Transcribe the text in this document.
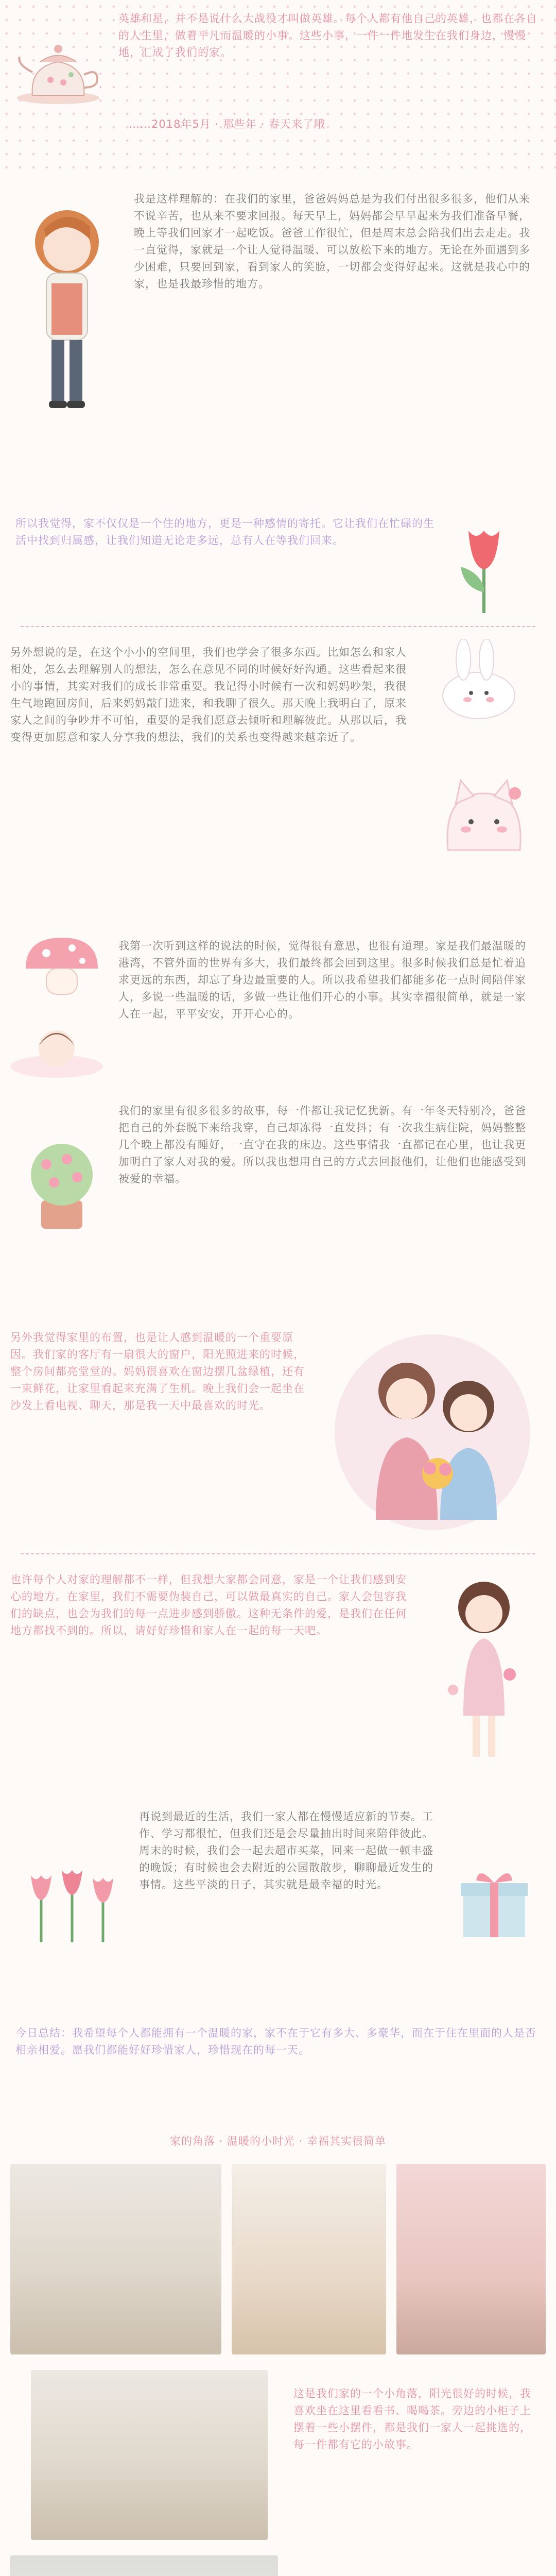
英雄和星，并不是说什么大战役才叫做英雄。每个人都有他自己的英雄，也都在各自的人生里，做着平凡而温暖的小事。这些小事，一件一件地发生在我们身边，慢慢地，汇成了我们的家。
……2018年5月 · 那些年 · 春天来了哦
我是这样理解的：在我们的家里，爸爸妈妈总是为我们付出很多很多，他们从来不说辛苦，也从来不要求回报。每天早上，妈妈都会早早起来为我们准备早餐，晚上等我们回家才一起吃饭。爸爸工作很忙，但是周末总会陪我们出去走走。我一直觉得，家就是一个让人觉得温暖、可以放松下来的地方。无论在外面遇到多少困难，只要回到家，看到家人的笑脸，一切都会变得好起来。这就是我心中的家，也是我最珍惜的地方。
所以我觉得，家不仅仅是一个住的地方，更是一种感情的寄托。它让我们在忙碌的生活中找到归属感，让我们知道无论走多远，总有人在等我们回来。
另外想说的是，在这个小小的空间里，我们也学会了很多东西。比如怎么和家人相处，怎么去理解别人的想法，怎么在意见不同的时候好好沟通。这些看起来很小的事情，其实对我们的成长非常重要。我记得小时候有一次和妈妈吵架，我很生气地跑回房间，后来妈妈敲门进来，和我聊了很久。那天晚上我明白了，原来家人之间的争吵并不可怕，重要的是我们愿意去倾听和理解彼此。从那以后，我变得更加愿意和家人分享我的想法，我们的关系也变得越来越亲近了。
我第一次听到这样的说法的时候，觉得很有意思，也很有道理。家是我们最温暖的港湾，不管外面的世界有多大，我们最终都会回到这里。很多时候我们总是忙着追求更远的东西，却忘了身边最重要的人。所以我希望我们都能多花一点时间陪伴家人，多说一些温暖的话，多做一些让他们开心的小事。其实幸福很简单，就是一家人在一起，平平安安，开开心心的。
我们的家里有很多很多的故事，每一件都让我记忆犹新。有一年冬天特别冷，爸爸把自己的外套脱下来给我穿，自己却冻得一直发抖；有一次我生病住院，妈妈整整几个晚上都没有睡好，一直守在我的床边。这些事情我一直都记在心里，也让我更加明白了家人对我的爱。所以我也想用自己的方式去回报他们，让他们也能感受到被爱的幸福。
另外我觉得家里的布置，也是让人感到温暖的一个重要原因。我们家的客厅有一扇很大的窗户，阳光照进来的时候，整个房间都亮堂堂的。妈妈很喜欢在窗边摆几盆绿植，还有一束鲜花，让家里看起来充满了生机。晚上我们会一起坐在沙发上看电视、聊天，那是我一天中最喜欢的时光。
也许每个人对家的理解都不一样，但我想大家都会同意，家是一个让我们感到安心的地方。在家里，我们不需要伪装自己，可以做最真实的自己。家人会包容我们的缺点，也会为我们的每一点进步感到骄傲。这种无条件的爱，是我们在任何地方都找不到的。所以，请好好珍惜和家人在一起的每一天吧。
再说到最近的生活，我们一家人都在慢慢适应新的节奏。工作、学习都很忙，但我们还是会尽量抽出时间来陪伴彼此。周末的时候，我们会一起去超市买菜，回来一起做一顿丰盛的晚饭；有时候也会去附近的公园散散步，聊聊最近发生的事情。这些平淡的日子，其实就是最幸福的时光。
今日总结：我希望每个人都能拥有一个温暖的家，家不在于它有多大、多豪华，而在于住在里面的人是否相亲相爱。愿我们都能好好珍惜家人，珍惜现在的每一天。
家的角落 · 温暖的小时光 · 幸福其实很简单
这是我们家的一个小角落，阳光很好的时候，我喜欢坐在这里看看书、喝喝茶。旁边的小柜子上摆着一些小摆件，都是我们一家人一起挑选的，每一件都有它的小故事。
